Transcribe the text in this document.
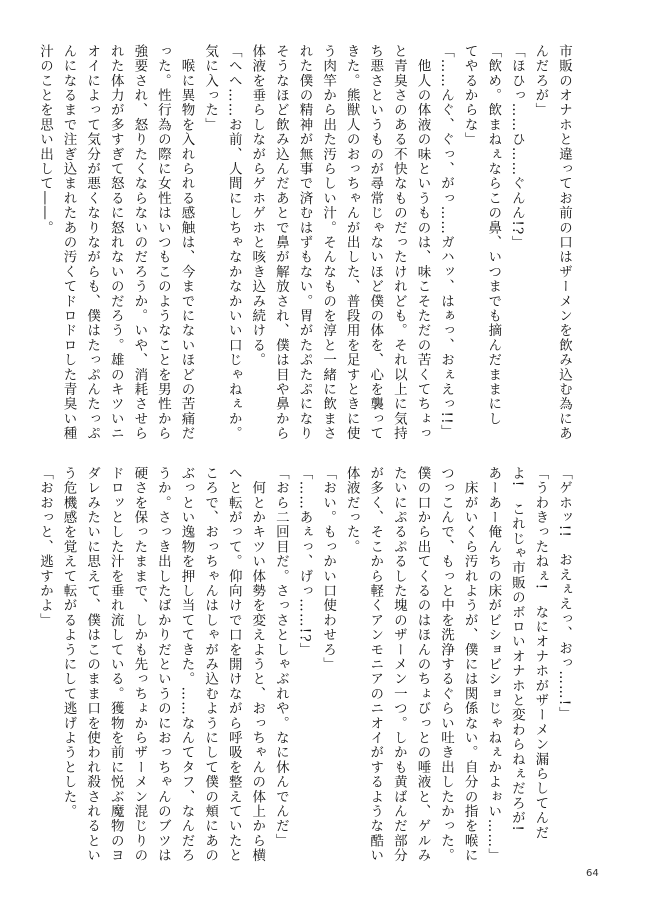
市販のオナホと違ってお前の口はザーメンを飲み込む為にあ
んだろが」
「ほひっ……ひ……ぐんん!?」
「飲め。飲まねぇならこの鼻、いつまでも摘んだままにし
てやるからな」
「……んぐ、ぐっ、がっ……ガハッ、はぁっ、おぇえっ!!」
　他人の体液の味というものは、味こそただの苦くてちょっ
と青臭さのある不快なものだったけれども。それ以上に気持
ち悪さというものが尋常じゃないほど僕の体を、心を襲って
きた。熊獣人のおっちゃんが出した、普段用を足すときに使
う肉竿から出た汚らしい汁。そんなものを淳と一緒に飲まさ
れた僕の精神が無事で済むはずもない。胃がたぷたぷになり
そうなほど飲み込んだあとで鼻が解放され、僕は目や鼻から
体液を垂らしながらゲホゲホと咳き込み続ける。
「へへ……お前、人間にしちゃなかなかいい口じゃねぇか。
気に入った」
　喉に異物を入れられる感触は、今までにないほどの苦痛だ
った。性行為の際に女性はいつもこのようなことを男性から
強要され、怒りたくならないのだろうか。いや、消耗させら
れた体力が多すぎて怒るに怒れないのだろう。雄のキツいニ
オイによって気分が悪くなりながらも、僕はたっぷんたっぷ
んになるまで注ぎ込まれたあの汚くてドロドロした青臭い種
汁のことを思い出して――。
「ゲホッ!!　おえぇえっ、おっ……!」
「うわきったねぇ!　なにオナホがザーメン漏らしてんだ
よ!　これじゃ市販のボロいオナホと変わらねぇだろが!
あーあー俺んちの床がビショビショじゃねぇかよぉい……」
　床がいくら汚れようが、僕には関係ない。自分の指を喉に
つっこんで、もっと中を洗浄するぐらい吐き出したかった。
僕の口から出てくるのはほんのちょびっとの唾液と、ゲルみ
たいにぷるぷるした塊のザーメン一つ。しかも黄ばんだ部分
が多く、そこから軽くアンモニアのニオイがするような酷い
体液だった。
「おい。もっかい口使わせろ」
「……あぇっ、げっ……!?」
「おら二回目だ。さっさとしゃぶれや。なに休んでんだ」
　何とかキツい体勢を変えようと、おっちゃんの体上から横
へと転がって。仰向けで口を開けながら呼吸を整えていたと
ころで、おっちゃんはしゃがみ込むようにして僕の頬にあの
ぶっとい逸物を押し当ててきた。……なんてタフ、なんだろ
うか。さっき出したばかりだというのにおっちゃんのブツは
硬さを保ったままで、しかも先っちょからザーメン混じりの
ドロッとした汁を垂れ流している。獲物を前に悦ぶ魔物のヨ
ダレみたいに思えて、僕はこのまま口を使われ殺されるとい
う危機感を覚えて転がるようにして逃げようとした。
「おおっと、逃すかよ」
64
